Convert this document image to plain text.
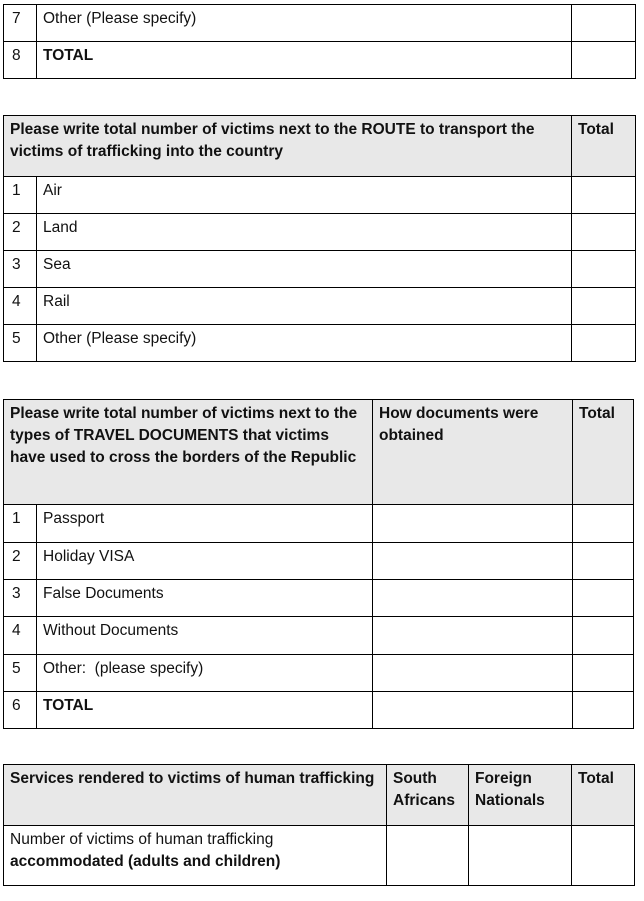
7	Other (Please specify)	
8	TOTAL	
Please write total number of victims next to the ROUTE to transport the victims of trafficking into the country		Total
1	Air	
2	Land	
3	Sea	
4	Rail	
5	Other (Please specify)	
Please write total number of victims next to the types of TRAVEL DOCUMENTS that victims have used to cross the borders of the Republic		How documents were obtained	Total
1	Passport		
2	Holiday VISA		
3	False Documents		
4	Without Documents		
5	Other:  (please specify)		
6	TOTAL		
Services rendered to victims of human trafficking	South Africans	Foreign Nationals	Total
Number of victims of human trafficking
accommodated (adults and children)			
